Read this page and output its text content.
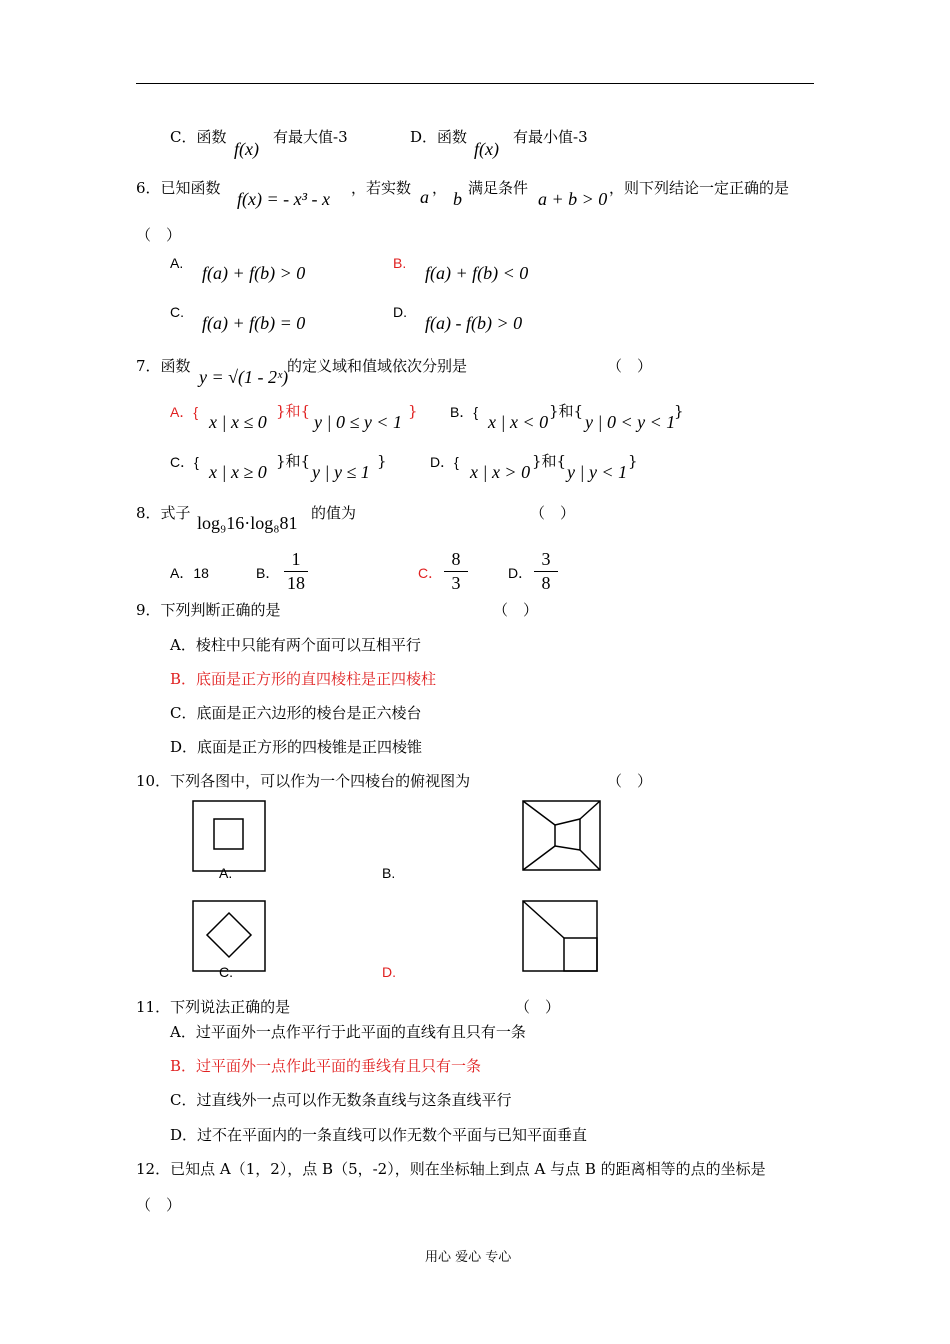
C．函数
f(x)
有最大值-3	D．函数
f(x)
有最小值-3
6．已知函数
f(x) = - x³ - x
，若实数 a ，
b
满足条件
a + b > 0
，则下列结论一定正确的是
（　）
A. f(a) + f(b) > 0	B. f(a) + f(b) < 0
C.
f(a) + f(b) = 0
D.
f(a) - f(b) > 0
7．函数
y = √(1 - 2ˣ)
的定义域和值域依次分别是	（　）
A．{ x | x ≤ 0
}和{
y | 0 ≤ y < 1
} B．{ x | x < 0
}和{
y | 0 < y < 1
}
C．{ x | x ≥ 0
}和{
y | y ≤ 1
}	D．{ x | x > 0
}和{
y | y < 1
}
8．式子 log₉16·log₈81 的值为	（　）
A．18	B．
1
18	C．
8
3	D．
3
8
9．下列判断正确的是	（　）
A．棱柱中只能有两个面可以互相平行
B．底面是正方形的直四棱柱是正四棱柱
C．底面是正六边形的棱台是正六棱台
D．底面是正方形的四棱锥是正四棱锥
10．下列各图中，可以作为一个四棱台的俯视图为	（　）
A.	B.
C.	D.
11．下列说法正确的是	（　）
A．过平面外一点作平行于此平面的直线有且只有一条
B．过平面外一点作此平面的垂线有且只有一条
C．过直线外一点可以作无数条直线与这条直线平行
D．过不在平面内的一条直线可以作无数个平面与已知平面垂直
12．已知点 A（1，2），点 B（5，-2），则在坐标轴上到点 A 与点 B 的距离相等的点的坐标是
（　）
用心 爱心 专心
